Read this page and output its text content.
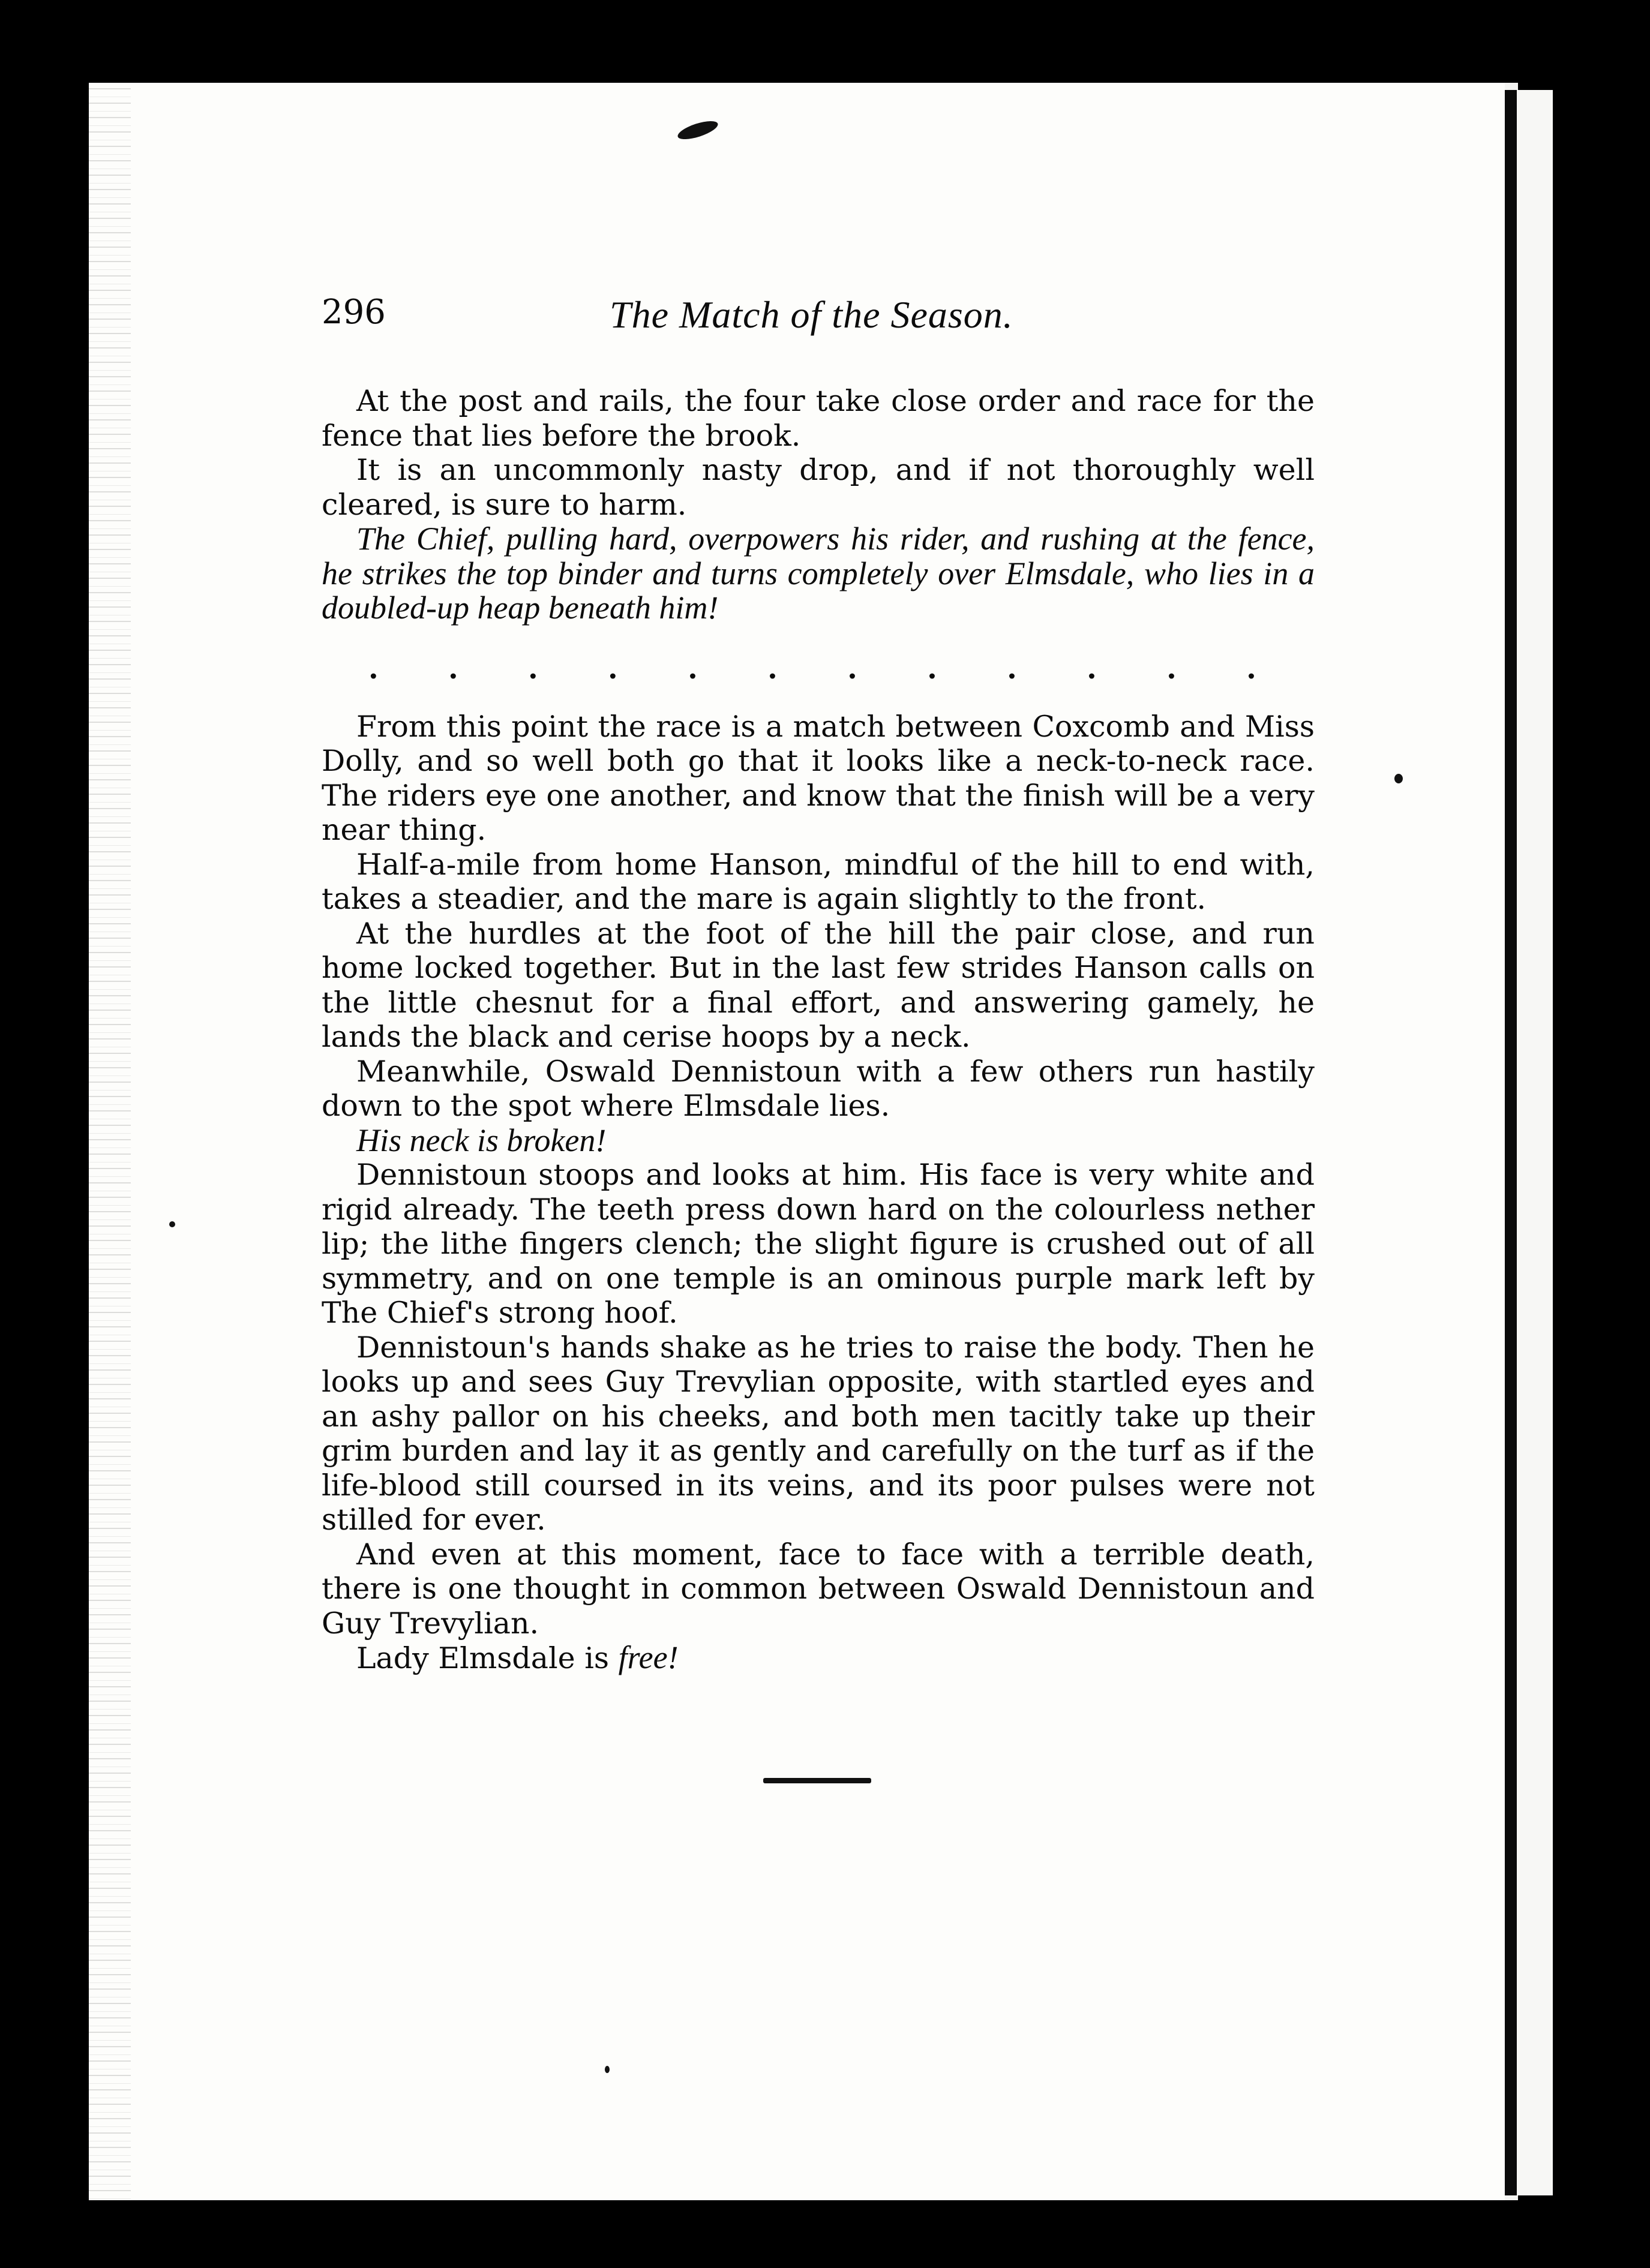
296	The Match of the Season.

At the post and rails, the four take close order and race for the fence that lies before the brook.

It is an uncommonly nasty drop, and if not thoroughly well cleared, is sure to harm.

The Chief, pulling hard, overpowers his rider, and rushing at the fence, he strikes the top binder and turns completely over Elmsdale, who lies in a doubled-up heap beneath him!

. . . . . . . . . . . .

From this point the race is a match between Coxcomb and Miss Dolly, and so well both go that it looks like a neck-to-neck race. The riders eye one another, and know that the finish will be a very near thing.

Half-a-mile from home Hanson, mindful of the hill to end with, takes a steadier, and the mare is again slightly to the front.

At the hurdles at the foot of the hill the pair close, and run home locked together. But in the last few strides Hanson calls on the little chesnut for a final effort, and answering gamely, he lands the black and cerise hoops by a neck.

Meanwhile, Oswald Dennistoun with a few others run hastily down to the spot where Elmsdale lies.

His neck is broken!

Dennistoun stoops and looks at him. His face is very white and rigid already. The teeth press down hard on the colourless nether lip; the lithe fingers clench; the slight figure is crushed out of all symmetry, and on one temple is an ominous purple mark left by The Chief's strong hoof.

Dennistoun's hands shake as he tries to raise the body. Then he looks up and sees Guy Trevylian opposite, with startled eyes and an ashy pallor on his cheeks, and both men tacitly take up their grim burden and lay it as gently and carefully on the turf as if the life-blood still coursed in its veins, and its poor pulses were not stilled for ever.

And even at this moment, face to face with a terrible death, there is one thought in common between Oswald Dennistoun and Guy Trevylian.

Lady Elmsdale is free!
